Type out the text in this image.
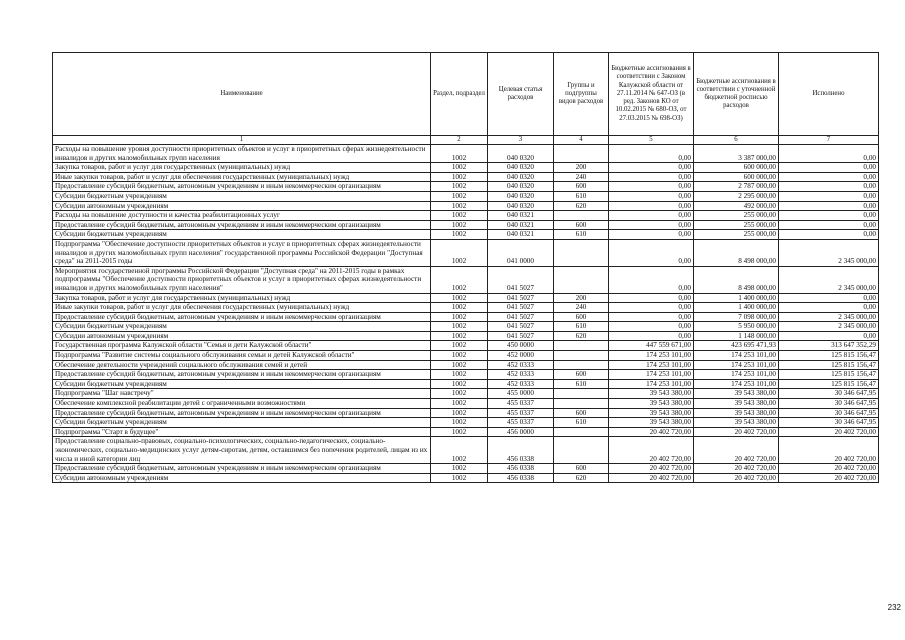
Наименование	Раздел, подраздел	Целевая статья расходов	Группы и подгруппы видов расходов	Бюджетные ассигнования в соответствии с Законом Калужской области от 27.11.2014 № 647-ОЗ (в ред. Законов КО от 10.02.2015 № 680-ОЗ, от 27.03.2015 № 698-ОЗ)	Бюджетные ассигнования в соответствии с уточненной бюджетной росписью расходов	Исполнено
1	2	3	4	5	6	7
Расходы на повышение уровня доступности приоритетных объектов и услуг в приоритетных сферах жизнедеятельности инвалидов и других маломобильных групп населения	1002	040 0320		0,00	3 387 000,00	0,00
Закупка товаров, работ и услуг для государственных (муниципальных) нужд	1002	040 0320	200	0,00	600 000,00	0,00
Иные закупки товаров, работ и услуг для обеспечения государственных (муниципальных) нужд	1002	040 0320	240	0,00	600 000,00	0,00
Предоставление субсидий бюджетным, автономным учреждениям и иным некоммерческим организациям	1002	040 0320	600	0,00	2 787 000,00	0,00
Субсидии бюджетным учреждениям	1002	040 0320	610	0,00	2 295 000,00	0,00
Субсидии автономным учреждениям	1002	040 0320	620	0,00	492 000,00	0,00
Расходы на повышение доступности и качества реабилитационных услуг	1002	040 0321		0,00	255 000,00	0,00
Предоставление субсидий бюджетным, автономным учреждениям и иным некоммерческим организациям	1002	040 0321	600	0,00	255 000,00	0,00
Субсидии бюджетным учреждениям	1002	040 0321	610	0,00	255 000,00	0,00
Подпрограмма "Обеспечение доступности приоритетных объектов и услуг в приоритетных сферах жизнедеятельности инвалидов и других маломобильных групп населения" государственной программы Российской Федерации "Доступная среда" на 2011-2015 годы	1002	041 0000		0,00	8 498 000,00	2 345 000,00
Мероприятия государственной программы Российской Федерации "Доступная среда" на 2011-2015 годы в рамках подпрограммы "Обеспечение доступности приоритетных объектов и услуг в приоритетных сферах жизнедеятельности инвалидов и других маломобильных групп населения"	1002	041 5027		0,00	8 498 000,00	2 345 000,00
Закупка товаров, работ и услуг для государственных (муниципальных) нужд	1002	041 5027	200	0,00	1 400 000,00	0,00
Иные закупки товаров, работ и услуг для обеспечения государственных (муниципальных) нужд	1002	041 5027	240	0,00	1 400 000,00	0,00
Предоставление субсидий бюджетным, автономным учреждениям и иным некоммерческим организациям	1002	041 5027	600	0,00	7 098 000,00	2 345 000,00
Субсидии бюджетным учреждениям	1002	041 5027	610	0,00	5 950 000,00	2 345 000,00
Субсидии автономным учреждениям	1002	041 5027	620	0,00	1 148 000,00	0,00
Государственная программа Калужской области "Семья и дети Калужской области"	1002	450 0000		447 559 671,00	423 695 471,93	313 647 352,29
Подпрограмма "Развитие системы социального обслуживания семьи и детей Калужской области"	1002	452 0000		174 253 101,00	174 253 101,00	125 815 156,47
Обеспечение деятельности учреждений социального обслуживания семей и детей	1002	452 0333		174 253 101,00	174 253 101,00	125 815 156,47
Предоставление субсидий бюджетным, автономным учреждениям и иным некоммерческим организациям	1002	452 0333	600	174 253 101,00	174 253 101,00	125 815 156,47
Субсидии бюджетным учреждениям	1002	452 0333	610	174 253 101,00	174 253 101,00	125 815 156,47
Подпрограмма "Шаг навстречу"	1002	455 0000		39 543 380,00	39 543 380,00	30 346 647,95
Обеспечение комплексной реабилитации детей с ограниченными возможностями	1002	455 0337		39 543 380,00	39 543 380,00	30 346 647,95
Предоставление субсидий бюджетным, автономным учреждениям и иным некоммерческим организациям	1002	455 0337	600	39 543 380,00	39 543 380,00	30 346 647,95
Субсидии бюджетным учреждениям	1002	455 0337	610	39 543 380,00	39 543 380,00	30 346 647,95
Подпрограмма "Старт в будущее"	1002	456 0000		20 402 720,00	20 402 720,00	20 402 720,00
Предоставление социально-правовых, социально-психологических, социально-педагогических, социально-экономических, социально-медицинских услуг детям-сиротам, детям, оставшимся без попечения родителей, лицам из их числа и иной категории лиц	1002	456 0338		20 402 720,00	20 402 720,00	20 402 720,00
Предоставление субсидий бюджетным, автономным учреждениям и иным некоммерческим организациям	1002	456 0338	600	20 402 720,00	20 402 720,00	20 402 720,00
Субсидии автономным учреждениям	1002	456 0338	620	20 402 720,00	20 402 720,00	20 402 720,00
232
